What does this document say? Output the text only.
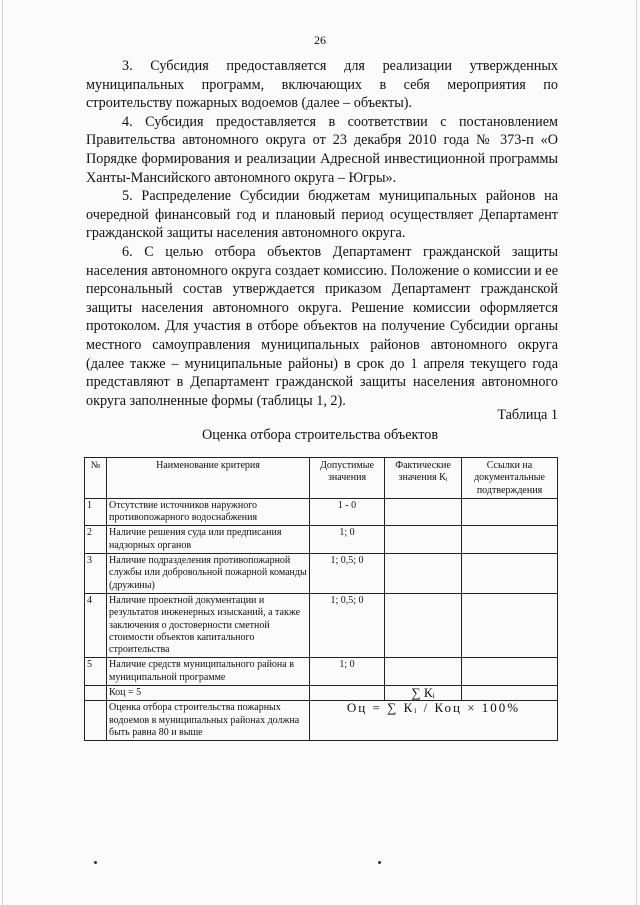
26

3. Субсидия предоставляется для реализации утвержденных муниципальных программ, включающих в себя мероприятия по строительству пожарных водоемов (далее – объекты).

4. Субсидия предоставляется в соответствии с постановлением Правительства автономного округа от 23 декабря 2010 года № 373-п «О Порядке формирования и реализации Адресной инвестиционной программы Ханты-Мансийского автономного округа – Югры».

5. Распределение Субсидии бюджетам муниципальных районов на очередной финансовый год и плановый период осуществляет Департамент гражданской защиты населения автономного округа.

6. С целью отбора объектов Департамент гражданской защиты населения автономного округа создает комиссию. Положение о комиссии и ее персональный состав утверждается приказом Департамент гражданской защиты населения автономного округа. Решение комиссии оформляется протоколом. Для участия в отборе объектов на получение Субсидии органы местного самоуправления муниципальных районов автономного округа (далее также – муниципальные районы) в срок до 1 апреля текущего года представляют в Департамент гражданской защиты населения автономного округа заполненные формы (таблицы 1, 2).

Таблица 1
Оценка отбора строительства объектов
№	Наименование критерия	Допустимые значения	Фактические значения Кᵢ	Ссылки на документальные подтверждения
1	Отсутствие источников наружного противопожарного водоснабжения	1 - 0		
2	Наличие решения суда или предписания надзорных органов	1; 0		
3	Наличие подразделения противопожарной службы или добровольной пожарной команды (дружины)	1; 0,5; 0		
4	Наличие проектной документации и результатов инженерных изысканий, а также заключения о достоверности сметной стоимости объектов капитального строительства	1; 0,5; 0		
5	Наличие средств муниципального района в муниципальной программе	1; 0		
	Коц = 5		∑ Кᵢ	
	Оценка отбора строительства пожарных водоемов в муниципальных районах должна быть равна 80 и выше	Оц = ∑ Кᵢ / Коц × 100%		
